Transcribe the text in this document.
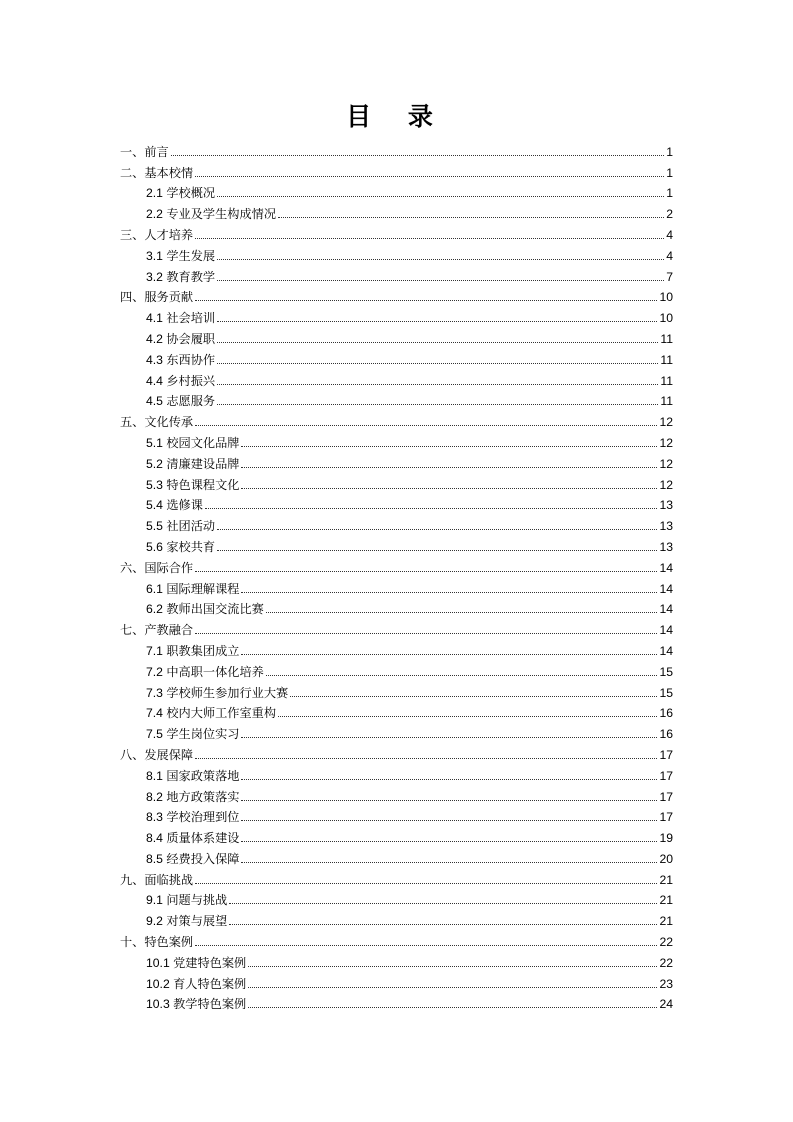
目 录
一、前言	1
二、基本校情	1
2.1 学校概况	1
2.2 专业及学生构成情况	2
三、人才培养	4
3.1 学生发展	4
3.2 教育教学	7
四、服务贡献	10
4.1 社会培训	10
4.2 协会履职	11
4.3 东西协作	11
4.4 乡村振兴	11
4.5 志愿服务	11
五、文化传承	12
5.1 校园文化品牌	12
5.2 清廉建设品牌	12
5.3 特色课程文化	12
5.4 选修课	13
5.5 社团活动	13
5.6 家校共育	13
六、国际合作	14
6.1 国际理解课程	14
6.2 教师出国交流比赛	14
七、产教融合	14
7.1 职教集团成立	14
7.2 中高职一体化培养	15
7.3 学校师生参加行业大赛	15
7.4 校内大师工作室重构	16
7.5 学生岗位实习	16
八、发展保障	17
8.1 国家政策落地	17
8.2 地方政策落实	17
8.3 学校治理到位	17
8.4 质量体系建设	19
8.5 经费投入保障	20
九、面临挑战	21
9.1 问题与挑战	21
9.2 对策与展望	21
十、特色案例	22
10.1 党建特色案例	22
10.2 育人特色案例	23
10.3 教学特色案例	24
